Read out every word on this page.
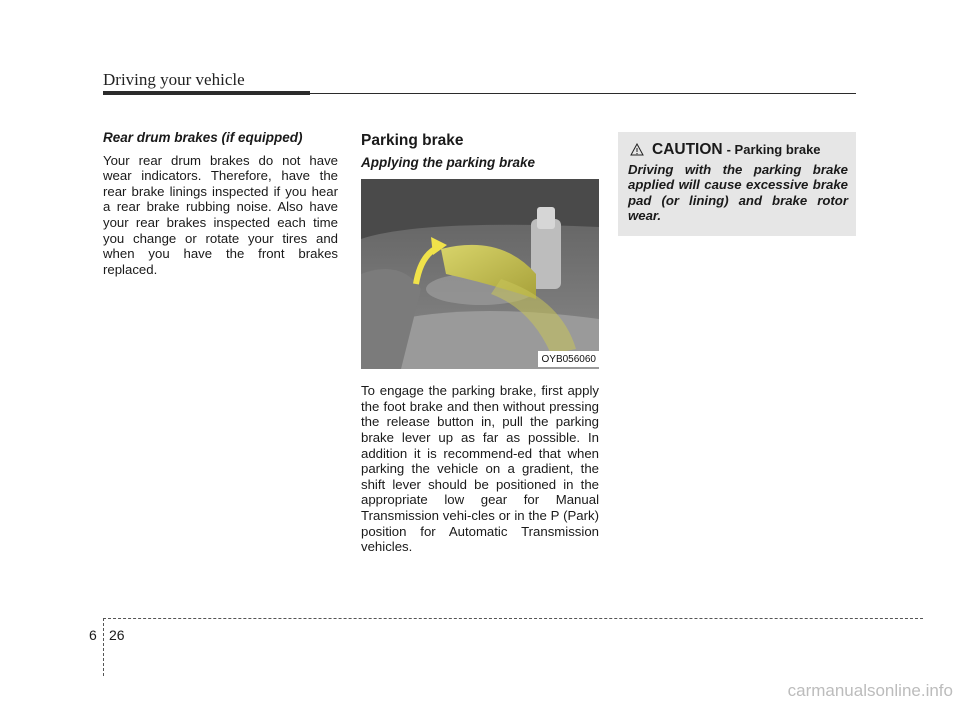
Driving your vehicle
Rear drum brakes (if equipped)

Your rear drum brakes do not have wear indicators. Therefore, have the rear brake linings inspected if you hear a rear brake rubbing noise. Also have your rear brakes inspected each time you change or rotate your tires and when you have the front brakes replaced.

Parking brake
Applying the parking brake
OYB056060

To engage the parking brake, first apply the foot brake and then without pressing the release button in, pull the parking brake lever up as far as possible. In addition it is recommend-ed that when parking the vehicle on a gradient, the shift lever should be positioned in the appropriate low gear for Manual Transmission vehi-cles or in the P (Park) position for Automatic Transmission vehicles.

CAUTION - Parking brake

Driving with the parking brake applied will cause excessive brake pad (or lining) and brake rotor wear.

6 26
carmanualsonline.info
